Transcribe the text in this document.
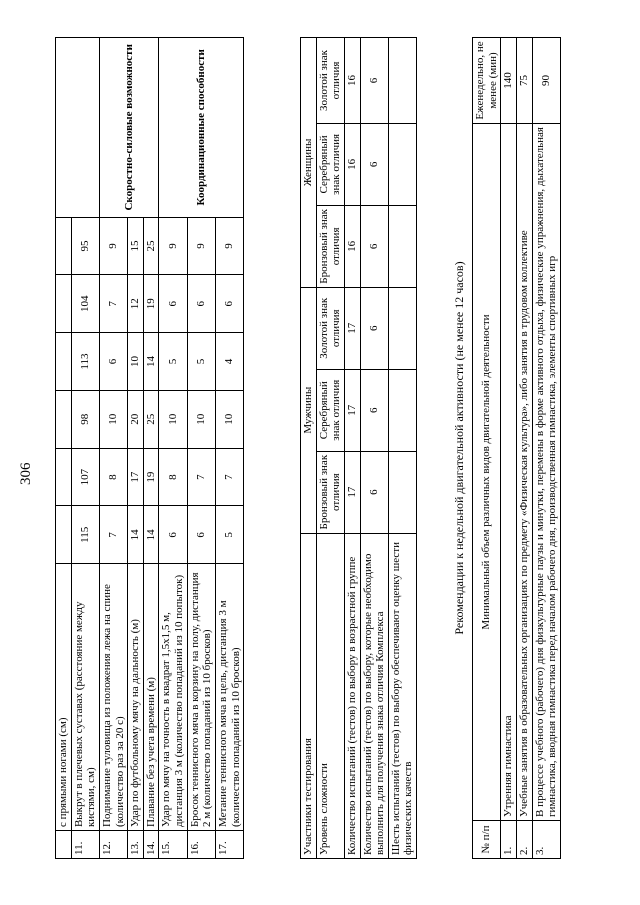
306
	с прямыми ногами (см)							
11.	Выкрут в плечевых суставах (расстояние между кистями, см)	115	107	98	113	104	95	
12.	Поднимание туловища из положения лежа на спине (количество раз за 20 с)	7	8	10	6	7	9	Скоростно-силовые возможности
13.	Удар по футбольному мячу на дальность (м)	14	17	20	10	12	15	
14.	Плавание без учета времени (м)	14	19	25	14	19	25	
15.	Удар по мячу на точность в квадрат 1,5х1,5 м, дистанция 3 м (количество попаданий из 10 попыток)	6	8	10	5	6	9	Координационные способности
16.	Бросок теннисного мяча в корзину на полу, дистанция 2 м (количество попаданий из 10 бросков)	6	7	10	5	6	9	
17.	Метание теннисного мяча в цель, дистанция 3 м (количество попаданий из 10 бросков)	5	7	10	4	6	9	
Участники тестирования	Мужчины			Женщины		
Уровень сложности	Бронзовый знак отличия	Серебряный знак отличия	Золотой знак отличия	Бронзовый знак отличия	Серебряный знак отличия	Золотой знак отличия
Количество испытаний (тестов) по выбору в возрастной группе	17	17	17	16	16	16
Количество испытаний (тестов) по выбору, которые необходимо выполнить для получения знака отличия Комплекса	6	6	6	6	6	6
Шесть испытаний (тестов) по выбору обеспечивают оценку шести физических качеств						
Рекомендации к недельной двигательной активности (не менее 12 часов)
№ п/п	Минимальный объем различных видов двигательной деятельности	Еженедельно, не менее (мин)
1.	Утренняя гимнастика	140
2.	Учебные занятия в образовательных организациях по предмету «Физическая культура», либо занятия в трудовом коллективе	75
3.	В процессе учебного (рабочего) дня физкультурные паузы и минутки, перемены в форме активного отдыха, физические упражнения, дыхательная гимнастика, вводная гимнастика перед началом рабочего дня, производственная гимнастика, элементы спортивных игр	90
